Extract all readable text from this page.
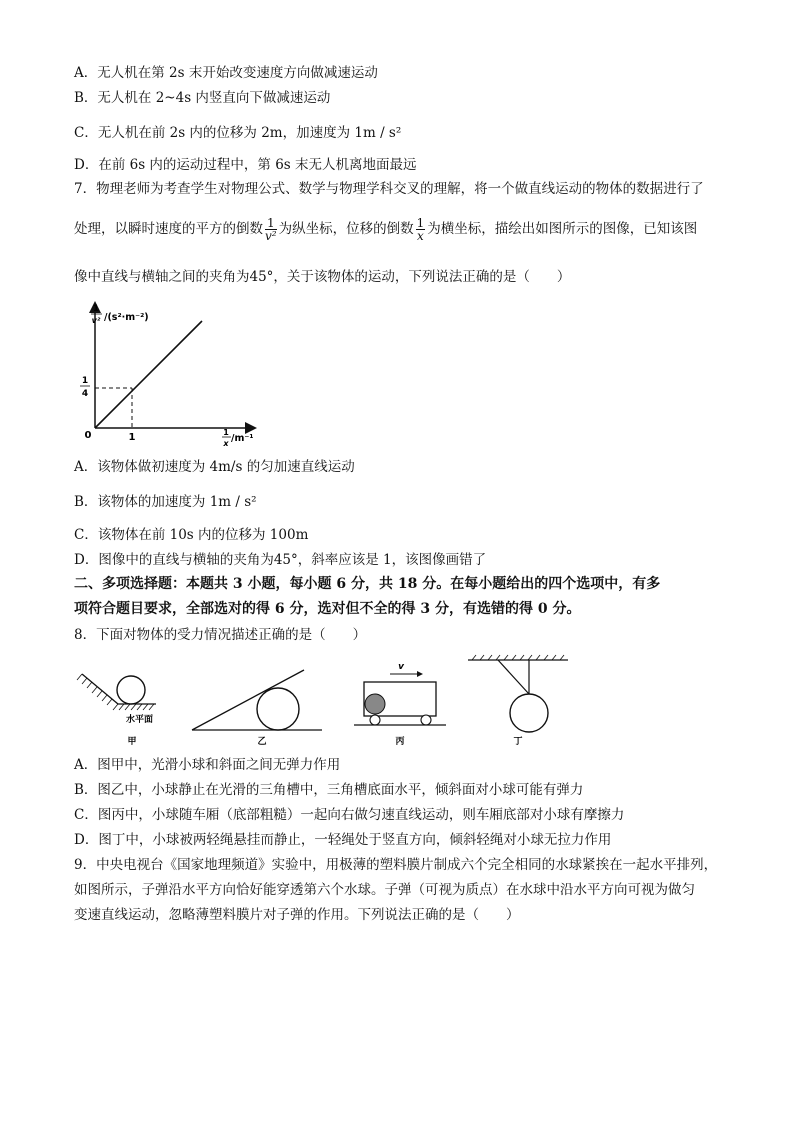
A．无人机在第 2s 末开始改变速度方向做减速运动
B．无人机在 2~4s 内竖直向下做减速运动
C．无人机在前 2s 内的位移为 2m，加速度为 1m / s²
D．在前 6s 内的运动过程中，第 6s 末无人机离地面最远
7．物理老师为考查学生对物理公式、数学与物理学科交叉的理解，将一个做直线运动的物体的数据进行了
处理，以瞬时速度的平方的倒数 $\frac{1}{\text{v²}}$ 为纵坐标，位移的倒数 $\frac{1}{x}$ 为横坐标，描绘出如图所示的图像，已知该图
像中直线与横轴之间的夹角为45°，关于该物体的运动，下列说法正确的是（　　）
1
v² /(s²·m⁻²)
1
4
0	1	1
x /m⁻¹
A．该物体做初速度为 4m/s 的匀加速直线运动
B．该物体的加速度为 1m / s²
C．该物体在前 10s 内的位移为 100m
D．图像中的直线与横轴的夹角为45°，斜率应该是 1，该图像画错了
二、多项选择题：本题共 3 小题，每小题 6 分，共 18 分。在每小题给出的四个选项中，有多
项符合题目要求，全部选对的得 6 分，选对但不全的得 3 分，有选错的得 0 分。
8．下面对物体的受力情况描述正确的是（　　）
水平面
甲	乙
v
丙	丁
A．图甲中，光滑小球和斜面之间无弹力作用
B．图乙中，小球静止在光滑的三角槽中，三角槽底面水平，倾斜面对小球可能有弹力
C．图丙中，小球随车厢（底部粗糙）一起向右做匀速直线运动，则车厢底部对小球有摩擦力
D．图丁中，小球被两轻绳悬挂而静止，一轻绳处于竖直方向，倾斜轻绳对小球无拉力作用
9．中央电视台《国家地理频道》实验中，用极薄的塑料膜片制成六个完全相同的水球紧挨在一起水平排列，
如图所示，子弹沿水平方向恰好能穿透第六个水球。子弹（可视为质点）在水球中沿水平方向可视为做匀
变速直线运动，忽略薄塑料膜片对子弹的作用。下列说法正确的是（　　）
